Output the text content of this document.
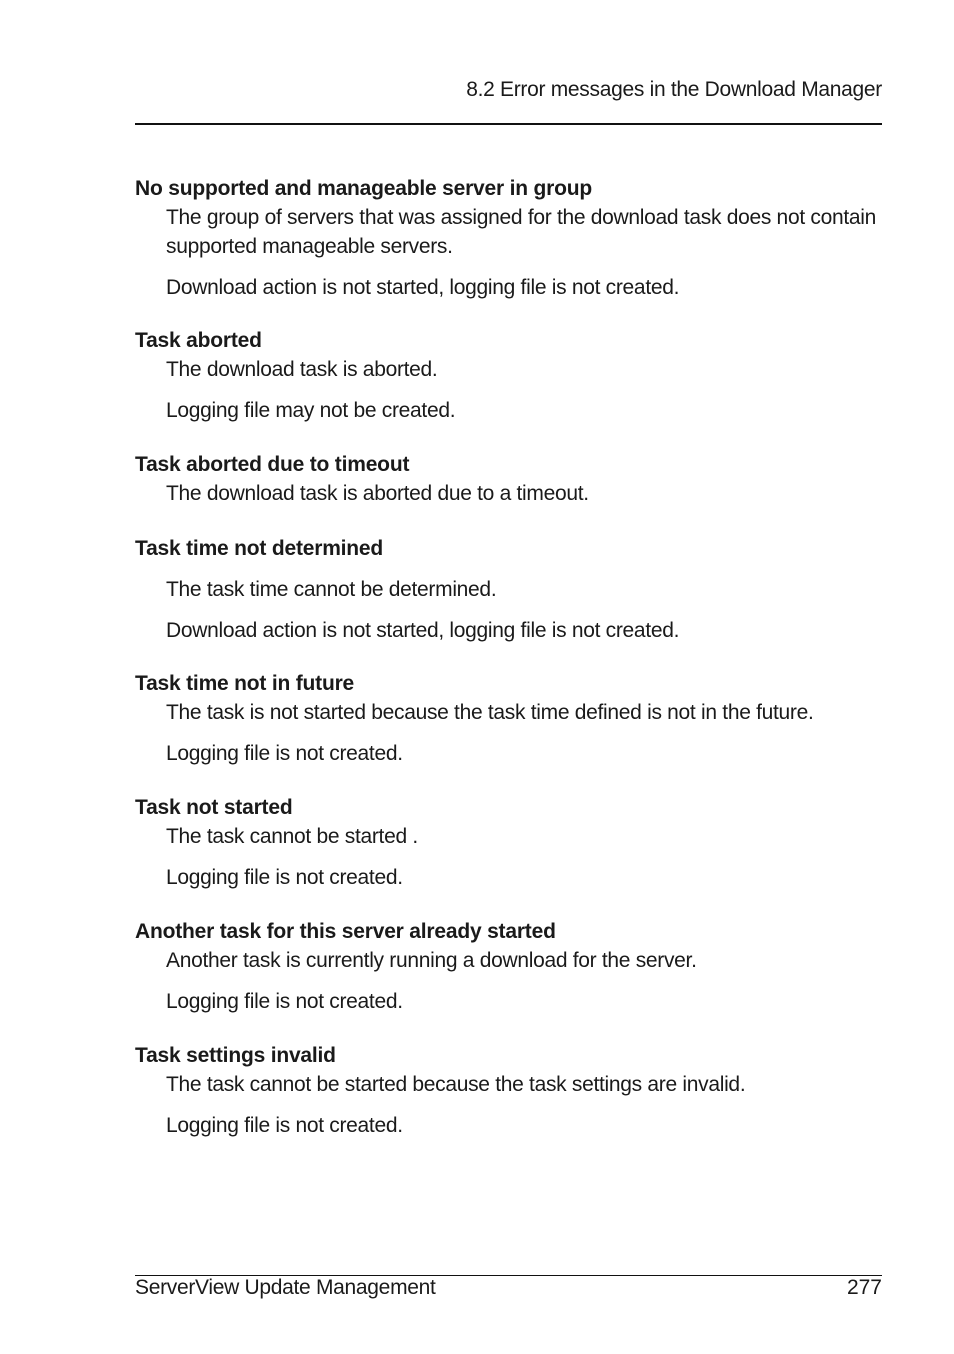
8.2 Error messages in the Download Manager

No supported and manageable server in group

The group of servers that was assigned for the download task does not contain supported manageable servers.

Download action is not started, logging file is not created.

Task aborted

The download task is aborted.

Logging file may not be created.

Task aborted due to timeout

The download task is aborted due to a timeout.

Task time not determined

The task time cannot be determined.

Download action is not started, logging file is not created.

Task time not in future

The task is not started because the task time defined is not in the future.

Logging file is not created.

Task not started

The task cannot be started .

Logging file is not created.

Another task for this server already started

Another task is currently running a download for the server.

Logging file is not created.

Task settings invalid

The task cannot be started because the task settings are invalid.

Logging file is not created.

ServerView Update Management	277
